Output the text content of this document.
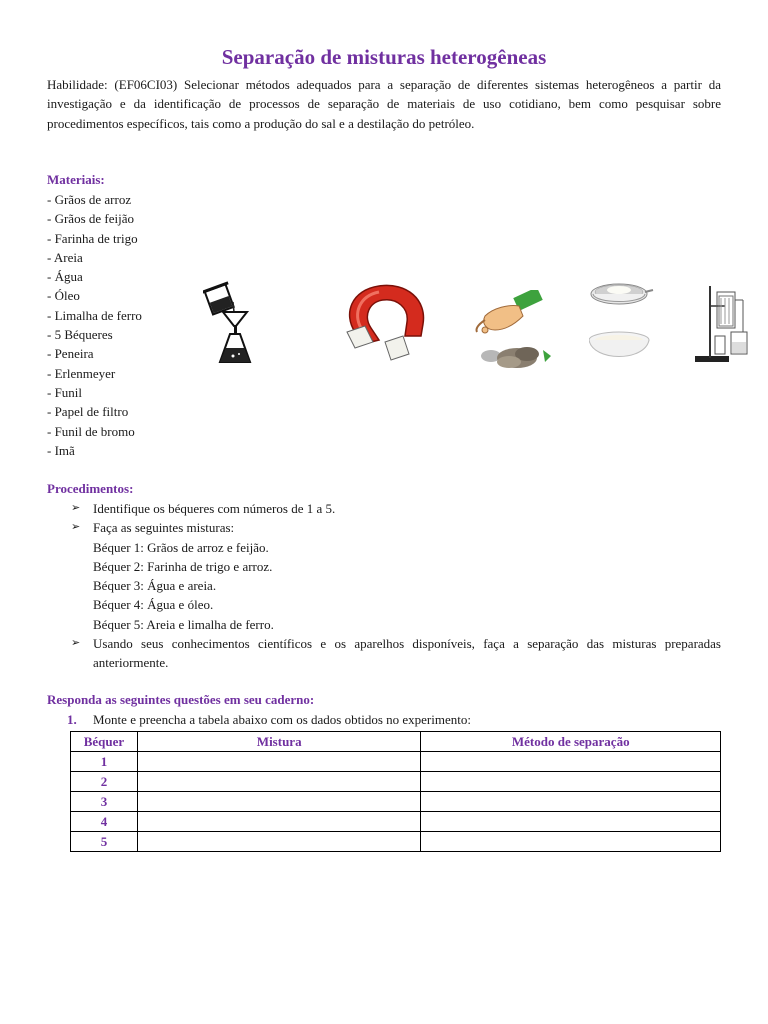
Separação de misturas heterogêneas

Habilidade: (EF06CI03) Selecionar métodos adequados para a separação de diferentes sistemas heterogêneos a partir da investigação e da identificação de processos de separação de materiais de uso cotidiano, bem como pesquisar sobre procedimentos específicos, tais como a produção do sal e a destilação do petróleo.

Materiais:
- Grãos de arroz
- Grãos de feijão
- Farinha de trigo
- Areia
- Água
- Óleo
- Limalha de ferro
- 5 Béqueres
- Peneira
- Erlenmeyer
- Funil
- Papel de filtro
- Funil de bromo
- Imã
Procedimentos:
➢ Identifique os béqueres com números de 1 a 5.
➢ Faça as seguintes misturas:
Béquer 1: Grãos de arroz e feijão.
Béquer 2: Farinha de trigo e arroz.
Béquer 3: Água e areia.
Béquer 4: Água e óleo.
Béquer 5: Areia e limalha de ferro.
➢ Usando seus conhecimentos científicos e os aparelhos disponíveis, faça a separação das misturas preparadas anteriormente.
Responda as seguintes questões em seu caderno:
1. Monte e preencha a tabela abaixo com os dados obtidos no experimento:
Béquer	Mistura	Método de separação
1		
2		
3		
4		
5		
